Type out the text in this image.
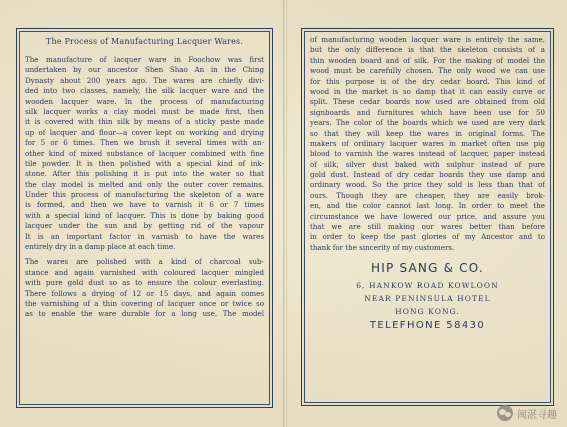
The Process of Manufacturing Lacquer Wares.
The manufacture of lacquer ware in Foochow was first
undertaken by our ancestor Shen Shao An in the Ching
Dynasty about 200 years ago. The wares are chiefly divi-
ded into two classes, namely, the silk lacquer ware and the
wooden lacquer ware. In the process of manufacturing
silk lacquer works a clay model must be made first, then
it is covered with thin silk by means of a sticky paste made
up of lacquer and flour—a cover kept on working and drying
for 5 or 6 times. Then we brush it several times with an-
other kind of mixed substance of lacquer combined with fine
tile powder. It is then polished with a special kind of ink-
stone. After this polishing it is put into the water so that
the clay model is melted and only the outer cover remains.
Under this process of manufacturing the skeleton of a ware
is formed, and then we have to varnish it 6 or 7 times
with a special kind of lacquer. This is done by baking good
lacquer under the sun and by getting rid of the vapour
It is an important factor in varnish to have the wares
entirely dry in a damp place at each time.
The wares are polished with a kind of charcoal sub-
stance and again varnished with coloured lacquer mingled
with pure gold dust so as to ensure the colour everlasting.
There follows a drying of 12 or 15 days, and again comes
the varnishing of a thin covering of lacquer once or twice so
as to enable the ware durable for a long use. The model
of manufacturing wooden lacquer ware is entirely the same,
but the only difference is that the skeleton consists of a
thin wooden board and of silk. For the making of model the
wood must be carefully chosen. The only wood we can use
for this purpose is of the dry cedar board. This kind of
wood in the market is so damp that it can easily curve or
split. These cedar boards now used are obtained from old
signboards and furnitures which have been use for 50
years. The color of the boards which we used are very dark
so that they will keep the wares in original forms. The
makers of ordinary lacquer wares in market often use pig
blood to varnish the wares instead of lacquer, paper instead
of silk, silver dust baked with sulphur instead of pure
gold dust. Instead of dry cedar boards they use damp and
ordinary wood. So the price they sold is less than that of
ours. Though they are cheaper, they are easily brok-
en, and the color cannot last long. In order to meet the
circumstance we have lowered our price, and assure you
that we are still making our wares better than before
in order to keep the past glories of my Ancestor and to
thank for the sincerity of my customers.
HIP SANG & CO.
6, HANKOW ROAD KOWLOON
NEAR PENINSULA HOTEL
HONG KONG.
TELEFHONE 58430
闽湛寻趣
